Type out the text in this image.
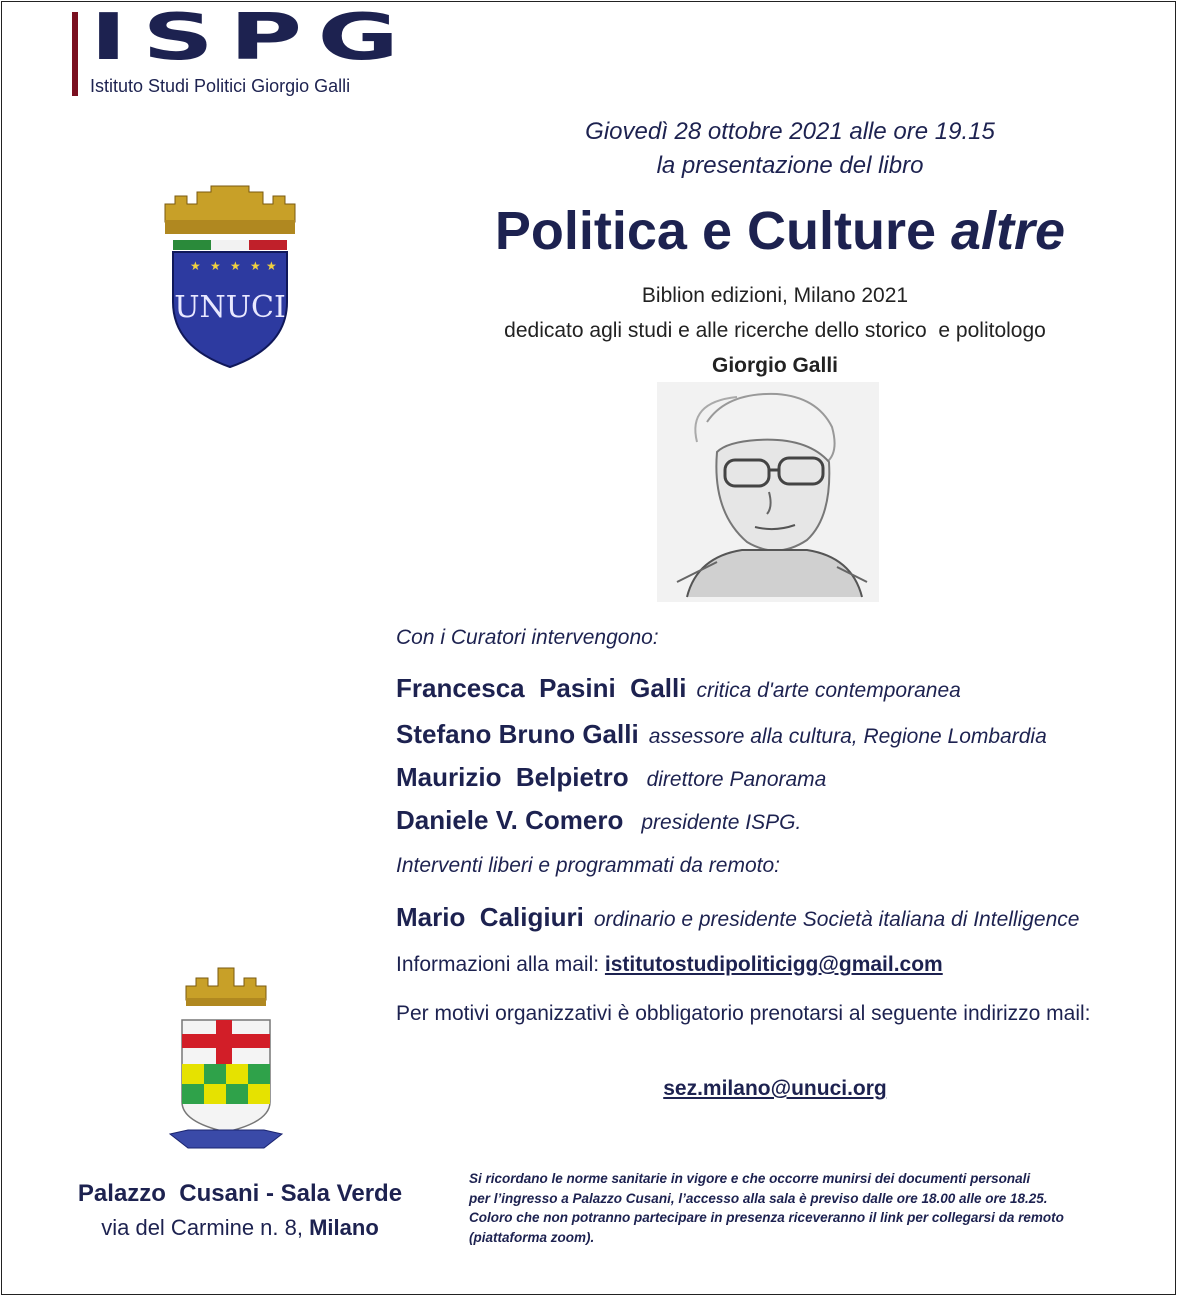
ISPG
Istituto Studi Politici Giorgio Galli
★ ★ ★ ★ ★
UNUCI
Giovedì 28 ottobre 2021 alle ore 19.15
la presentazione del libro
Politica e Culture altre
Biblion edizioni, Milano 2021
dedicato agli studi e alle ricerche dello storico  e politologo
Giorgio Galli
Con i Curatori intervengono:
Francesca  Pasini  Galli critica d'arte contemporanea
Stefano Bruno Galli assessore alla cultura, Regione Lombardia
Maurizio  Belpietro direttore Panorama
Daniele V. Comero presidente ISPG.
Interventi liberi e programmati da remoto:
Mario  Caligiuri ordinario e presidente Società italiana di Intelligence
Informazioni alla mail: istitutostudipoliticigg@gmail.com
Per motivi organizzativi è obbligatorio prenotarsi al seguente indirizzo mail:
sez.milano@unuci.org
Palazzo  Cusani - Sala Verde
via del Carmine n. 8, Milano
Si ricordano le norme sanitarie in vigore e che occorre munirsi dei documenti personali
per l’ingresso a Palazzo Cusani, l’accesso alla sala è previso dalle ore 18.00 alle ore 18.25.
Coloro che non potranno partecipare in presenza riceveranno il link per collegarsi da remoto
(piattaforma zoom).
